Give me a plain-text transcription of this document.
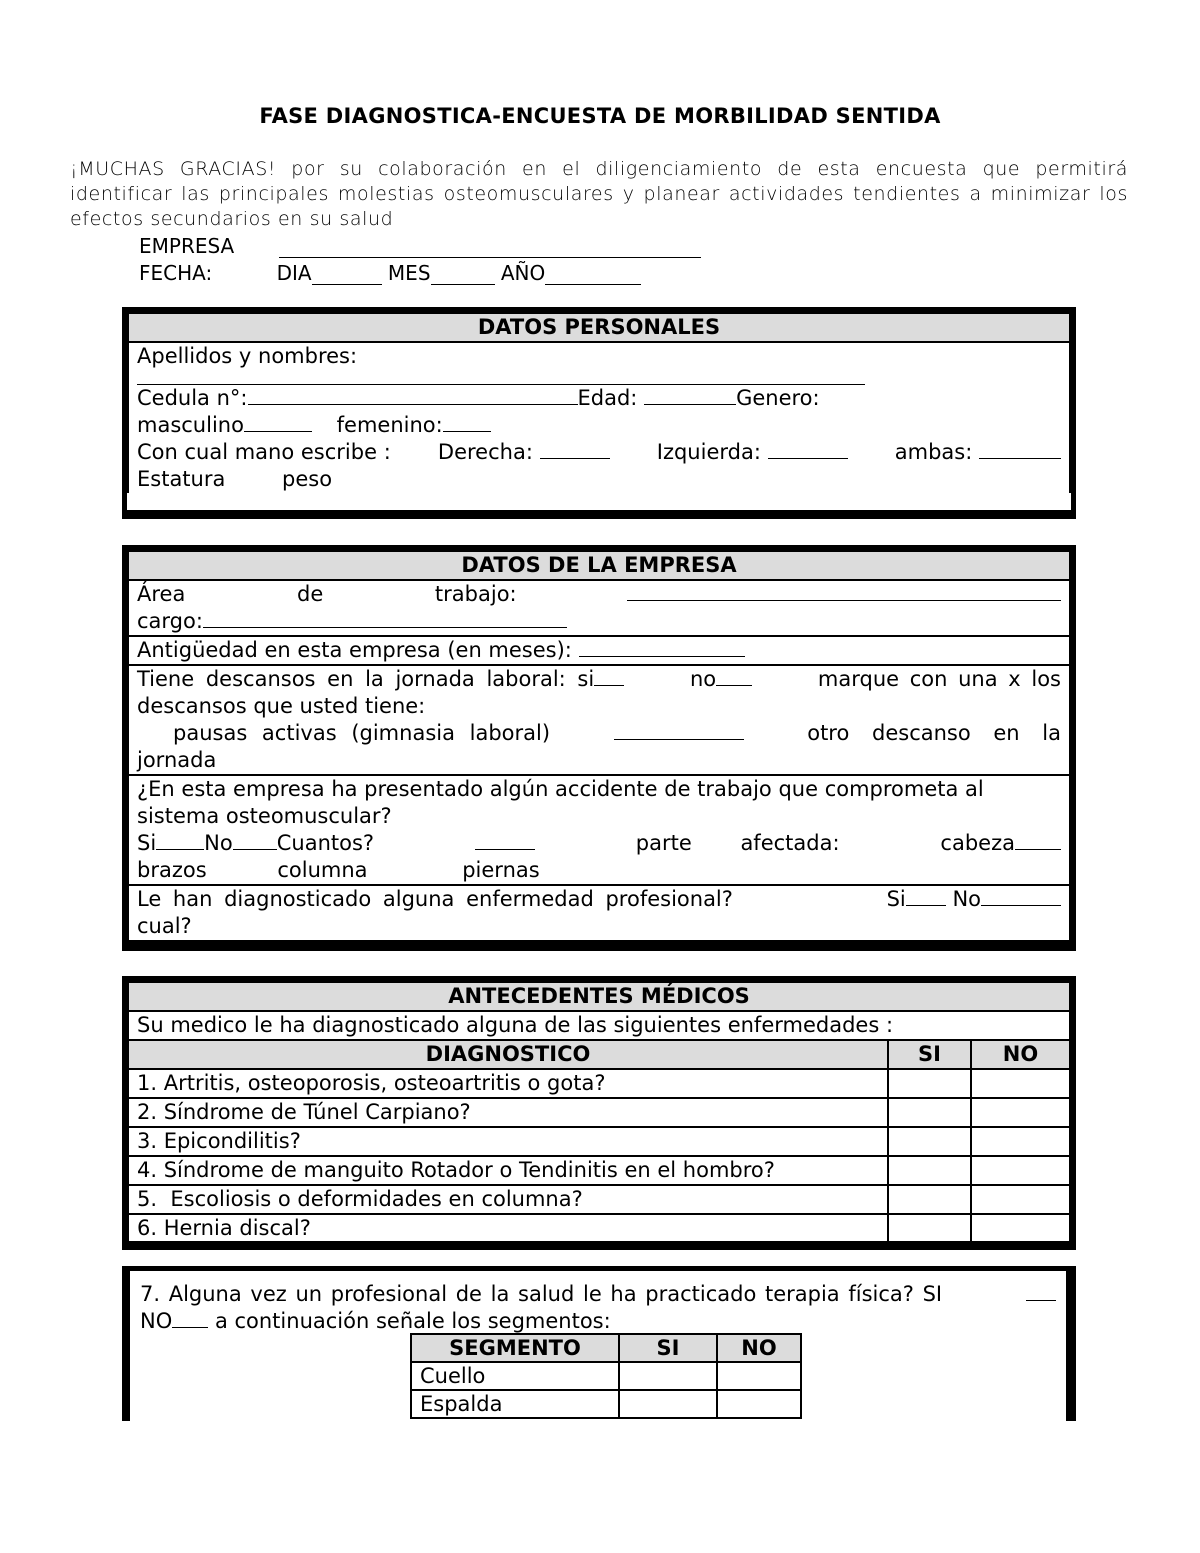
FASE DIAGNOSTICA-ENCUESTA DE MORBILIDAD SENTIDA
¡MUCHAS GRACIAS! por su colaboración en el diligenciamiento de esta encuesta que permitirá identificar las principales molestias osteomusculares y planear actividades tendientes a minimizar los efectos secundarios en su salud
EMPRESA
FECHA:	DIA	MES	AÑO
DATOS PERSONALES

Apellidos y nombres:
Cedula n°:	Edad:	Genero:
masculino	femenino:
Con cual mano escribe : Derecha:	Izquierda:	ambas:
Estatura	peso
DATOS DE LA EMPRESA

Área de trabajo:
cargo:

Antigüedad en esta empresa (en meses):

Tiene descansos en la jornada laboral: si	no	marque con una x los
descansos que usted tiene:
pausas activas (gimnasia laboral)	otro descanso en la
jornada

¿En esta empresa ha presentado algún accidente de trabajo que comprometa al sistema osteomuscular?
Si No Cuantos?	parte afectada:	cabeza
brazos	columna	piernas

Le han diagnosticado alguna enfermedad profesional?	Si No
cual?
ANTECEDENTES MÉDICOS		
Su medico le ha diagnosticado alguna de las siguientes enfermedades :		
DIAGNOSTICO	SI	NO
1. Artritis, osteoporosis, osteoartritis o gota?		
2. Síndrome de Túnel Carpiano?		
3. Epicondilitis?		
4. Síndrome de manguito Rotador o Tendinitis en el hombro?		
5.  Escoliosis o deformidades en columna?		
6. Hernia discal?		
7. Alguna vez un profesional de la salud le ha practicado terapia física? SI
NO a continuación señale los segmentos:
SEGMENTO	SI	NO
Cuello		
Espalda		
